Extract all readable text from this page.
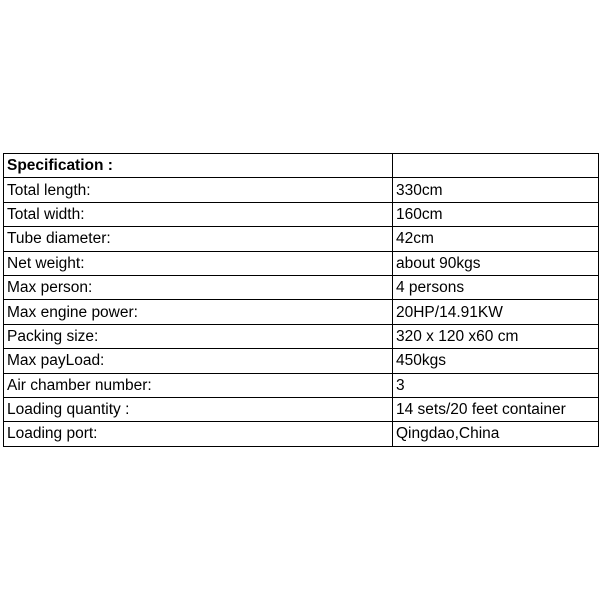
Specification :	
Total length:	330cm
Total width:	160cm
Tube diameter:	42cm
Net weight:	about 90kgs
Max person:	4 persons
Max engine power:	20HP/14.91KW
Packing size:	320 x 120 x60 cm
Max payLoad:	450kgs
Air chamber number:	3
Loading quantity :	14 sets/20 feet container
Loading port:	Qingdao,China
